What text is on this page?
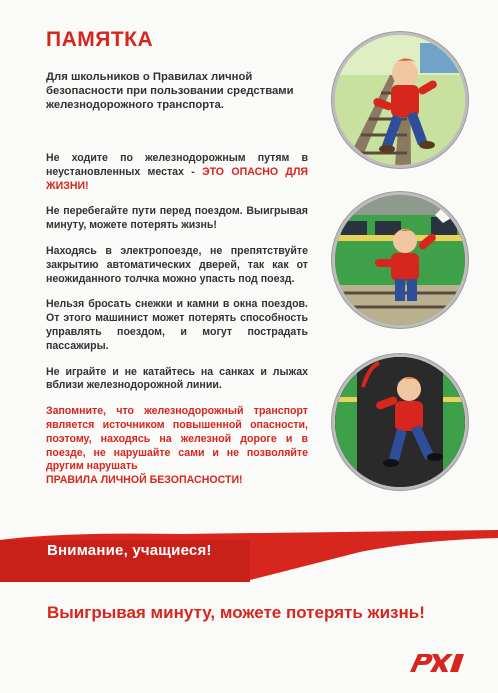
ПАМЯТКА
Для школьников о Правилах личной безопасности при пользовании средствами железнодорожного транспорта.

Не ходите по железнодорожным путям в неустановленных местах - ЭТО ОПАСНО ДЛЯ ЖИЗНИ!

Не перебегайте пути перед поездом. Выигрывая минуту, можете потерять жизнь!

Находясь в электропоезде, не препятствуйте закрытию автоматических дверей, так как от неожиданного толчка можно упасть под поезд.

Нельзя бросать снежки и камни в окна поездов. От этого машинист может потерять способность управлять поездом, и могут пострадать пассажиры.

Не играйте и не катайтесь на санках и лыжах вблизи железнодорожной линии.

Запомните, что железнодорожный транспорт является источником повышенной опасности, поэтому, находясь на железной дороге и в поезде, не нарушайте сами и не позволяйте другим нарушать
ПРАВИЛА ЛИЧНОЙ БЕЗОПАСНОСТИ!
Внимание, учащиеся!
Выигрывая минуту, можете потерять жизнь!
